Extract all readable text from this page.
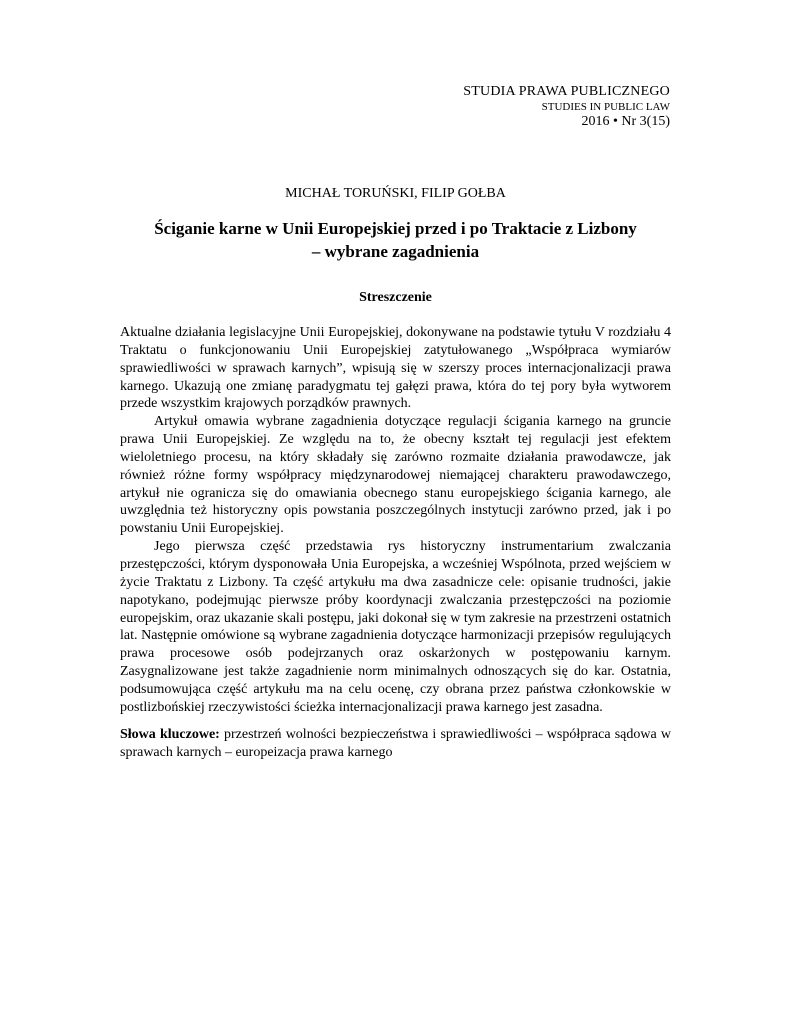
STUDIA PRAWA PUBLICZNEGO
STUDIES IN PUBLIC LAW
2016 • Nr 3(15)
MICHAŁ TORUŃSKI, FILIP GOŁBA
Ściganie karne w Unii Europejskiej przed i po Traktacie z Lizbony
– wybrane zagadnienia
Streszczenie

Aktualne działania legislacyjne Unii Europejskiej, dokonywane na podstawie tytułu V rozdziału 4 Traktatu o funkcjonowaniu Unii Europejskiej zatytułowanego „Współpraca wymiarów sprawiedliwości w sprawach karnych”, wpisują się w szerszy proces internacjonalizacji prawa karnego. Ukazują one zmianę paradygmatu tej gałęzi prawa, która do tej pory była wytworem przede wszystkim krajowych porządków prawnych.

Artykuł omawia wybrane zagadnienia dotyczące regulacji ścigania karnego na gruncie prawa Unii Europejskiej. Ze względu na to, że obecny kształt tej regulacji jest efektem wieloletniego procesu, na który składały się zarówno rozmaite działania prawodawcze, jak również różne formy współpracy międzynarodowej niemającej charakteru prawodawczego, artykuł nie ogranicza się do omawiania obecnego stanu europejskiego ścigania karnego, ale uwzględnia też historyczny opis powstania poszczególnych instytucji zarówno przed, jak i po powstaniu Unii Europejskiej.

Jego pierwsza część przedstawia rys historyczny instrumentarium zwalczania przestępczości, którym dysponowała Unia Europejska, a wcześniej Wspólnota, przed wejściem w życie Traktatu z Lizbony. Ta część artykułu ma dwa zasadnicze cele: opisanie trudności, jakie napotykano, podejmując pierwsze próby koordynacji zwalczania przestępczości na poziomie europejskim, oraz ukazanie skali postępu, jaki dokonał się w tym zakresie na przestrzeni ostatnich lat. Następnie omówione są wybrane zagadnienia dotyczące harmonizacji przepisów regulujących prawa procesowe osób podejrzanych oraz oskarżonych w postępowaniu karnym. Zasygnalizowane jest także zagadnienie norm minimalnych odnoszących się do kar. Ostatnia, podsumowująca część artykułu ma na celu ocenę, czy obrana przez państwa członkowskie w postlizbońskiej rzeczywistości ścieżka internacjonalizacji prawa karnego jest zasadna.

Słowa kluczowe: przestrzeń wolności bezpieczeństwa i sprawiedliwości – współpraca sądowa w sprawach karnych – europeizacja prawa karnego
